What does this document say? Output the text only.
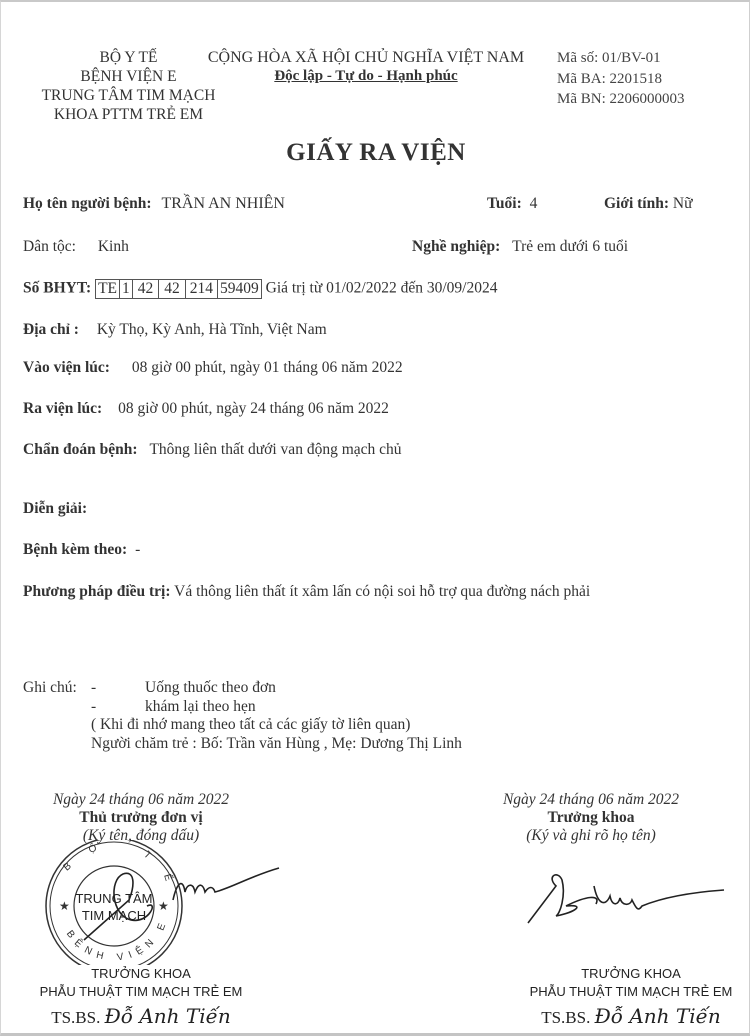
BỘ Y TẾ
BỆNH VIỆN E
TRUNG TÂM TIM MẠCH
KHOA PTTM TRẺ EM
CỘNG HÒA XÃ HỘI CHỦ NGHĨA VIỆT NAM
Độc lập - Tự do - Hạnh phúc
Mã số: 01/BV-01
Mã BA: 2201518
Mã BN: 2206000003
GIẤY RA VIỆN
Họ tên người bệnh: TRẦN AN NHIÊN	Tuổi: 4	Giới tính: Nữ
Dân tộc: Kinh	Nghề nghiệp: Trẻ em dưới 6 tuổi
Số BHYT: TE 1 42 42 214 59409 Giá trị từ 01/02/2022 đến 30/09/2024
Địa chỉ : Kỳ Thọ, Kỳ Anh, Hà Tĩnh, Việt Nam
Vào viện lúc: 08 giờ 00 phút, ngày 01 tháng 06 năm 2022
Ra viện lúc: 08 giờ 00 phút, ngày 24 tháng 06 năm 2022
Chẩn đoán bệnh: Thông liên thất dưới van động mạch chủ
Diễn giải:
Bệnh kèm theo: -
Phương pháp điều trị: Vá thông liên thất ít xâm lấn có nội soi hỗ trợ qua đường nách phải
Ghi chú: -	Uống thuốc theo đơn
-	khám lại theo hẹn
( Khi đi nhớ mang theo tất cả các giấy tờ liên quan)
Người chăm trẻ : Bố: Trần văn Hùng , Mẹ: Dương Thị Linh
Ngày 24 tháng 06 năm 2022
Thủ trưởng đơn vị
(Ký tên, đóng dấu)
BỘ TẾ
BỆNH VIỆN E
★	★
TRUNG TÂM
TIM MẠCH
TRƯỞNG KHOA
PHẪU THUẬT TIM MẠCH TRẺ EM
TS.BS. Đỗ Anh Tiến
Ngày 24 tháng 06 năm 2022
Trưởng khoa
(Ký và ghi rõ họ tên)
TRƯỞNG KHOA
PHẪU THUẬT TIM MẠCH TRẺ EM
TS.BS. Đỗ Anh Tiến
